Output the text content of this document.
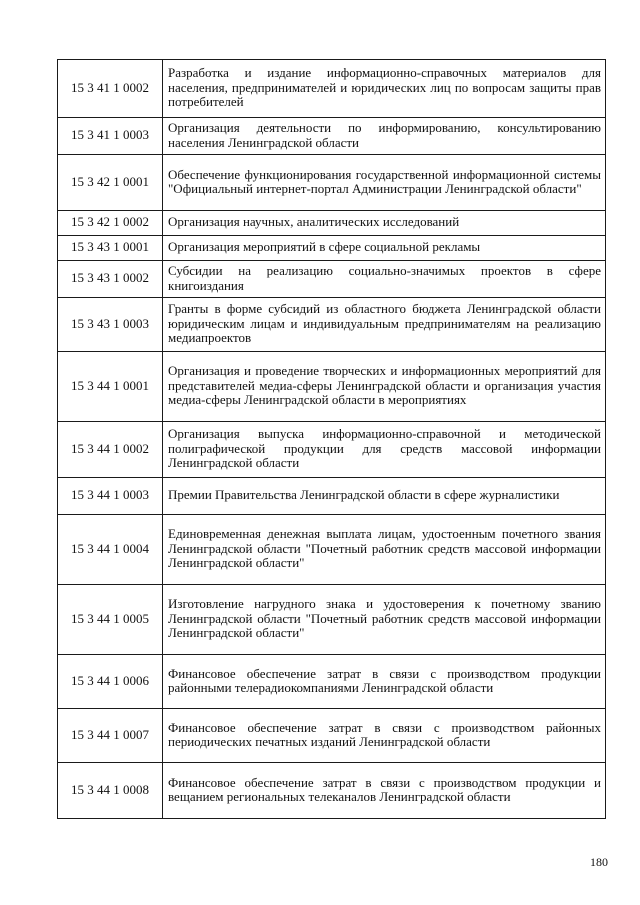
15 3 41 1 0002	Разработка и издание информационно-справочных материалов для населения, предпринимателей и юридических лиц по вопросам защиты прав потребителей
15 3 41 1 0003	Организация деятельности по информированию, консультированию населения Ленинградской области
15 3 42 1 0001	Обеспечение функционирования государственной информационной системы "Официальный интернет-портал Администрации Ленинградской области"
15 3 42 1 0002	Организация научных, аналитических исследований
15 3 43 1 0001	Организация мероприятий в сфере социальной рекламы
15 3 43 1 0002	Субсидии на реализацию социально-значимых проектов в сфере книгоиздания
15 3 43 1 0003	Гранты в форме субсидий из областного бюджета Ленинградской области юридическим лицам и индивидуальным предпринимателям на реализацию медиапроектов
15 3 44 1 0001	Организация и проведение творческих и информационных мероприятий для представителей медиа-сферы Ленинградской области и организация участия медиа-сферы Ленинградской области в мероприятиях
15 3 44 1 0002	Организация выпуска информационно-справочной и методической полиграфической продукции для средств массовой информации Ленинградской области
15 3 44 1 0003	Премии Правительства Ленинградской области в сфере журналистики
15 3 44 1 0004	Единовременная денежная выплата лицам, удостоенным почетного звания Ленинградской области "Почетный работник средств массовой информации Ленинградской области"
15 3 44 1 0005	Изготовление нагрудного знака и удостоверения к почетному званию Ленинградской области "Почетный работник средств массовой информации Ленинградской области"
15 3 44 1 0006	Финансовое обеспечение затрат в связи с производством продукции районными телерадиокомпаниями Ленинградской области
15 3 44 1 0007	Финансовое обеспечение затрат в связи с производством районных периодических печатных изданий Ленинградской области
15 3 44 1 0008	Финансовое обеспечение затрат в связи с производством продукции и вещанием региональных телеканалов Ленинградской области
180
